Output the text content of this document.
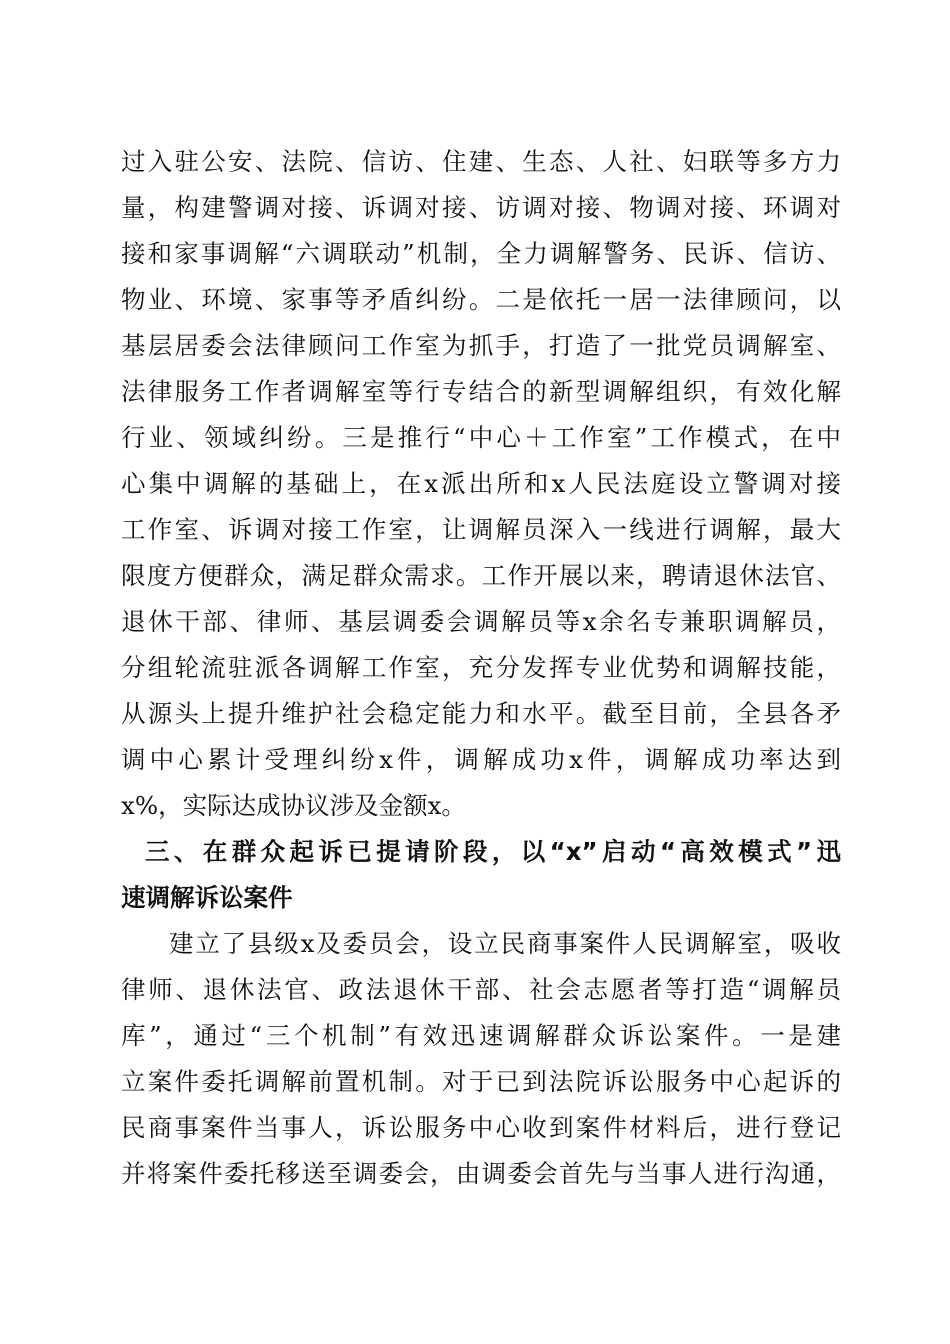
过入驻公安、法院、信访、住建、生态、人社、妇联等多方力
量，构建警调对接、诉调对接、访调对接、物调对接、环调对
接和家事调解“六调联动”机制，全力调解警务、民诉、信访、
物业、环境、家事等矛盾纠纷。二是依托一居一法律顾问，以
基层居委会法律顾问工作室为抓手，打造了一批党员调解室、
法律服务工作者调解室等行专结合的新型调解组织，有效化解
行业、领域纠纷。三是推行“中心＋工作室”工作模式，在中
心集中调解的基础上，在x派出所和x人民法庭设立警调对接
工作室、诉调对接工作室，让调解员深入一线进行调解，最大
限度方便群众，满足群众需求。工作开展以来，聘请退休法官、
退休干部、律师、基层调委会调解员等x余名专兼职调解员，
分组轮流驻派各调解工作室，充分发挥专业优势和调解技能，
从源头上提升维护社会稳定能力和水平。截至目前，全县各矛
调中心累计受理纠纷x件，调解成功x件，调解成功率达到
x%，实际达成协议涉及金额x。
三、在群众起诉已提请阶段，以“x”启动“高效模式”迅
速调解诉讼案件
建立了县级x及委员会，设立民商事案件人民调解室，吸收
律师、退休法官、政法退休干部、社会志愿者等打造“调解员
库”，通过“三个机制”有效迅速调解群众诉讼案件。一是建
立案件委托调解前置机制。对于已到法院诉讼服务中心起诉的
民商事案件当事人，诉讼服务中心收到案件材料后，进行登记
并将案件委托移送至调委会，由调委会首先与当事人进行沟通，
